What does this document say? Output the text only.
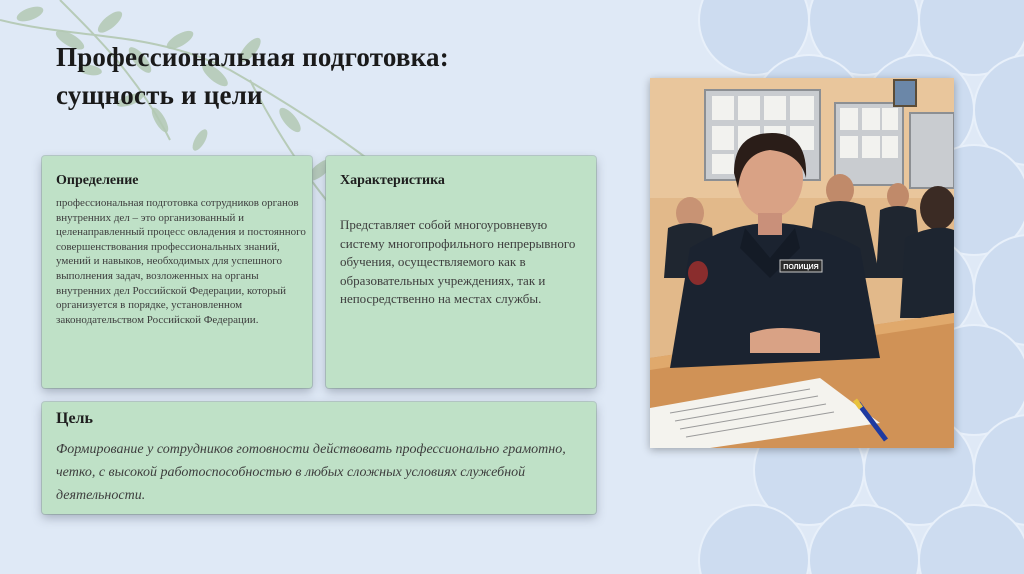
Профессиональная подготовка:
сущность и цели
Определение

профессиональная подготовка сотрудников органов внутренних дел – это организованный и целенаправленный процесс овладения и постоянного совершенствования профессиональных знаний, умений и навыков, необходимых для успешного выполнения задач, возложенных на органы внутренних дел Российской Федерации, который организуется в порядке, установленном законодательством Российской Федерации.

Характеристика

Представляет собой многоуровневую систему многопрофильного непрерывного обучения, осуществляемого как в образовательных учреждениях, так и непосредственно на местах службы.

Цель

Формирование у сотрудников готовности действовать профессионально грамотно, четко, с высокой работоспособностью в любых сложных условиях служебной деятельности.

ПОЛИЦИЯ
